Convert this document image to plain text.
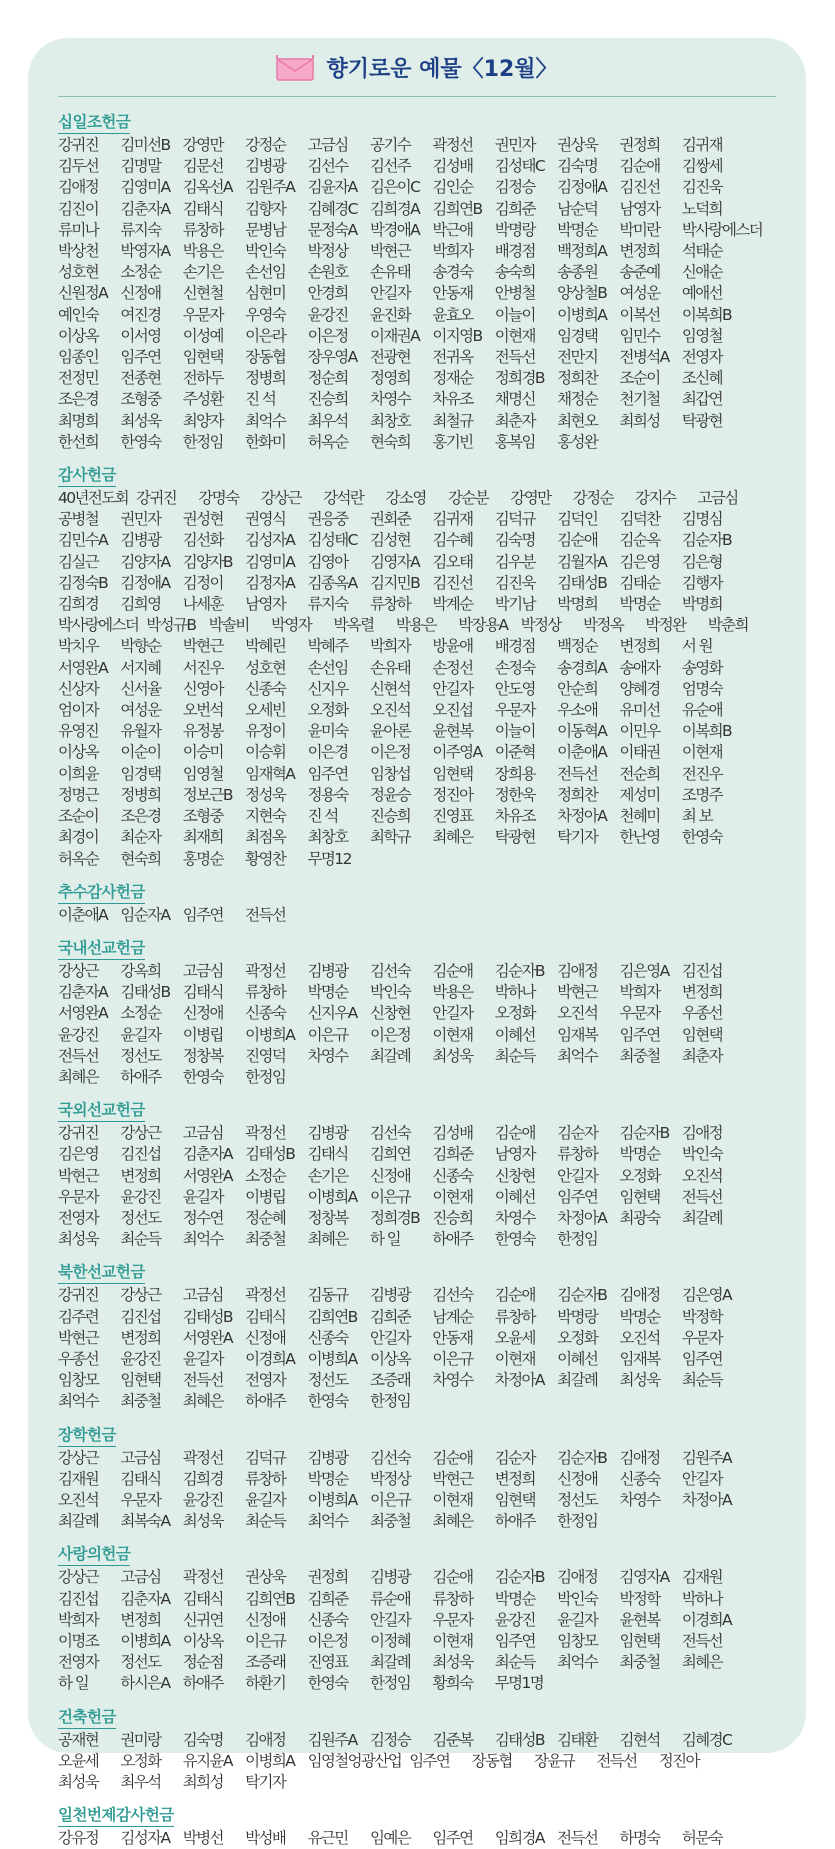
향기로운 예물〈12월〉
십일조헌금
강귀진	김미선B 강영만	강정순	고금심	공기수	곽정선	권민자	권상욱	권정희	김귀재
김두선	김명말	김문선	김병광	김선수	김선주	김성배	김성태C 김숙명	김순애	김쌍세
김애정	김영미A 김옥선A 김원주A 김윤자A 김은이C 김인순	김정승	김정애A 김진선	김진욱
김진이	김춘자A 김태식	김향자	김혜경C 김희경A 김희연B 김희준	남순덕	남영자	노덕희
류미나	류지숙	류창하	문병남	문정숙A 박경애A 박근애	박명랑	박명순	박미란	박사랑에스더
박상천	박영자A 박용은	박인숙	박정상	박현근	박희자	배경점	백정희A 변정희	석태순
성호현	소정순	손기은	손선임	손원호	손유태	송경숙	송숙희	송종원	송준예	신애순
신원정A 신정애	신현철	심현미	안경희	안길자	안동재	안병철	양상철B 여성운	예애선
예인숙	여진경	우문자	우영숙	윤강진	윤진화	윤효오	이늘이	이병희A 이복선	이복희B
이상옥	이서영	이성예	이은라	이은정	이재권A 이지영B 이현재	임경택	임민수	임영철
임종인	임주연	임현택	장동협	장우영A 전광현	전귀옥	전득선	전만지	전병석A 전영자
전정민	전종현	전하두	정병희	정순희	정영희	정재순	정희경B 정희찬	조순이	조신혜
조은경	조형중	주성환	진 석	진승희	차영수	차유조	채명신	채정순	천기철	최갑연
최명희	최성욱	최양자	최억수	최우석	최창호	최철규	최춘자	최현오	최희성	탁광현
한선희	한영숙	한정임	한화미	허옥순	현숙희	홍기빈	홍복임	홍성완
감사헌금
40년전도회 강귀진	강명숙	강상근	강석란	강소영	강순분	강영만	강정순	강지수	고금심
공병철	권민자	권성현	권영식	권응중	권회준	김귀재	김덕규	김덕인	김덕찬	김명심
김민수A 김병광	김선화	김성자A 김성태C 김성현	김수혜	김숙명	김순애	김순옥	김순자B
김실근	김양자A 김양자B 김영미A 김영아	김영자A 김오태	김우분	김월자A 김은영	김은형
김정숙B 김정애A 김정이	김정자A 김종옥A 김지민B 김진선	김진욱	김태성B 김태순	김행자
김희경	김희영	나세훈	남영자	류지숙	류창하	박계순	박기남	박명희	박명순	박명희
박사랑에스더 박성규B 박솔비	박영자	박옥렬	박용은	박장용A 박정상	박정옥	박정완	박춘희
박치우	박향순	박현근	박혜린	박혜주	박희자	방윤애	배경점	백정순	변정희	서 원
서영완A 서지혜	서진우	성호현	손선임	손유태	손정선	손정숙	송경희A 송애자	송영화
신상자	신서율	신영아	신종숙	신지우	신현석	안길자	안도영	안순희	양혜경	엄명숙
엄이자	여성운	오번석	오세빈	오정화	오진석	오진섭	우문자	우소애	유미선	유순애
유영진	유월자	유정봉	유정이	윤미숙	윤아론	윤현복	이늘이	이동혁A 이민우	이복희B
이상옥	이순이	이승미	이승휘	이은경	이은정	이주영A 이준혁	이춘애A 이태권	이현재
이희윤	임경택	임영철	임재혁A 임주연	임창섭	임현택	장희용	전득선	전순희	전진우
정명근	정병희	정보근B 정성욱	정용숙	정윤승	정진아	정한욱	정희찬	제성미	조명주
조순이	조은경	조형중	지현숙	진 석	진승희	진영표	차유조	차정아A 천혜미	최 보
최경이	최순자	최재희	최점옥	최창호	최학규	최혜은	탁광현	탁기자	한난영	한영숙
허옥순	현숙희	홍명순	황영찬	무명12
추수감사헌금
이춘애A 임순자A 임주연	전득선
국내선교헌금
강상근	강옥희	고금심	곽정선	김병광	김선숙	김순애	김순자B 김애정	김은영A 김진섭
김춘자A 김태성B 김태식	류창하	박명순	박인숙	박용은	박하나	박현근	박희자	변정희
서영완A 소정순	신정애	신종숙	신지우A 신창현	안길자	오정화	오진석	우문자	우종선
윤강진	윤길자	이병립	이병희A 이은규	이은정	이현재	이혜선	임재복	임주연	임현택
전득선	정선도	정창복	진영덕	차영수	최갈례	최성욱	최순득	최억수	최중철	최춘자
최혜은	하애주	한영숙	한정임
국외선교헌금
강귀진	강상근	고금심	곽정선	김병광	김선숙	김성배	김순애	김순자	김순자B 김애정
김은영	김진섭	김춘자A 김태성B 김태식	김희연	김희준	남영자	류창하	박명순	박인숙
박현근	변정희	서영완A 소정순	손기은	신정애	신종숙	신창현	안길자	오정화	오진석
우문자	윤강진	윤길자	이병립	이병희A 이은규	이현재	이혜선	임주연	임현택	전득선
전영자	정선도	정수연	정순혜	정창복	정희경B 진승희	차영수	차정아A 최광숙	최갈례
최성욱	최순득	최억수	최중철	최혜은	하 일	하애주	한영숙	한정임
북한선교헌금
강귀진	강상근	고금심	곽정선	김동규	김병광	김선숙	김순애	김순자B 김애정	김은영A
김주련	김진섭	김태성B 김태식	김희연B 김희준	남계순	류창하	박명랑	박명순	박정학
박현근	변정희	서영완A 신정애	신종숙	안길자	안동재	오윤세	오정화	오진석	우문자
우종선	윤강진	윤길자	이경희A 이병희A 이상옥	이은규	이현재	이혜선	임재복	임주연
임창모	임현택	전득선	전영자	정선도	조증래	차영수	차정아A 최갈례	최성욱	최순득
최억수	최중철	최혜은	하애주	한영숙	한정임
장학헌금
강상근	고금심	곽정선	김덕규	김병광	김선숙	김순애	김순자	김순자B 김애정	김원주A
김재원	김태식	김희경	류창하	박명순	박정상	박현근	변정희	신정애	신종숙	안길자
오진석	우문자	윤강진	윤길자	이병희A 이은규	이현재	임현택	정선도	차영수	차정아A
최갈례	최복숙A 최성욱	최순득	최억수	최중철	최혜은	하애주	한정임
사랑의헌금
강상근	고금심	곽정선	권상욱	권정희	김병광	김순애	김순자B 김애정	김영자A 김재원
김진섭	김춘자A 김태식	김희연B 김희준	류순애	류창하	박명순	박인숙	박정학	박하나
박희자	변정희	신귀연	신정애	신종숙	안길자	우문자	윤강진	윤길자	윤현복	이경희A
이명조	이병희A 이상옥	이은규	이은정	이정혜	이현재	임주연	임창모	임현택	전득선
전영자	정선도	정순점	조증래	진영표	최갈례	최성욱	최순득	최억수	최중철	최혜은
하 일	하시은A 하애주	하환기	한영숙	한정임	황희숙	무명1명
건축헌금
공재현	권미랑	김숙명	김애정	김원주A 김정승	김준복	김태성B 김태환	김현석	김혜경C
오윤세	오정화	유지윤A 이병희A 임영철엉광산업 임주연	장동협	장윤규	전득선	정진아
최성욱	최우석	최희성	탁기자
일천번제감사헌금
강유정	김성자A 박병선	박성배	유근민	임예은	임주연	임희경A 전득선	하명숙	허문숙
